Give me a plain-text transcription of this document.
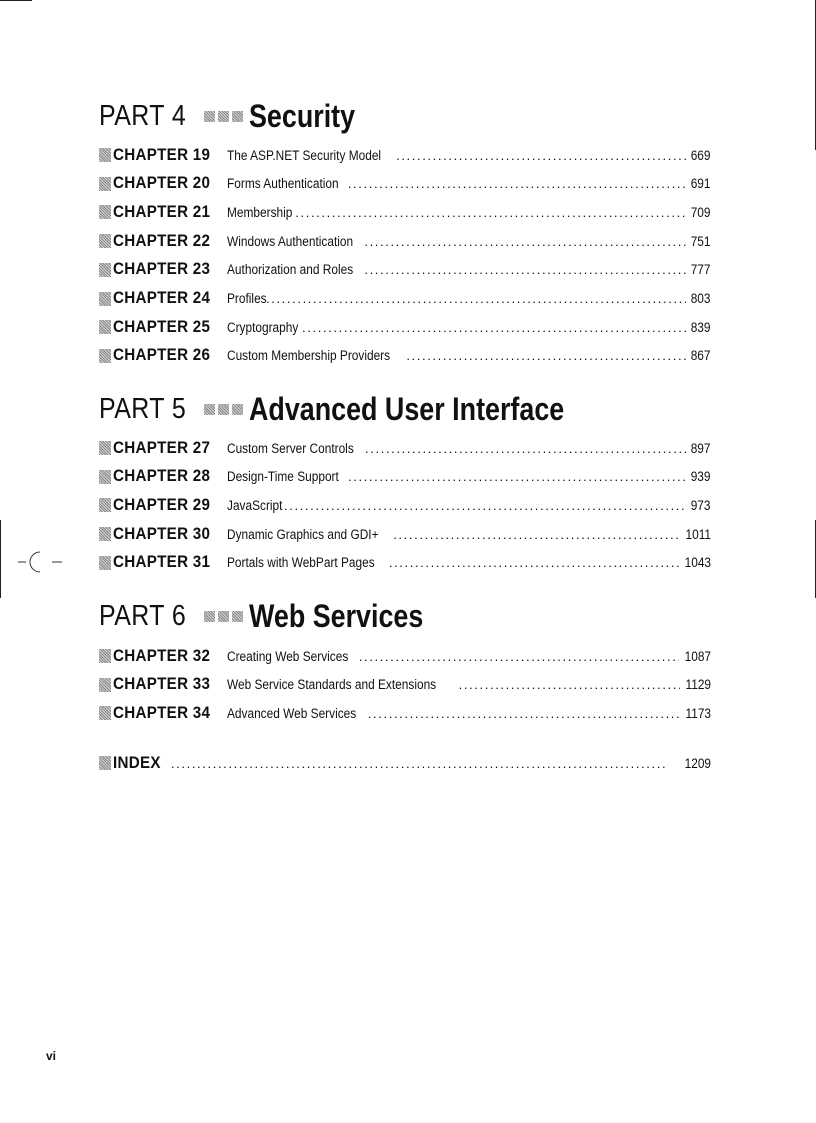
PART 4 Security
CHAPTER 19 The ASP.NET Security Model . . .	669
CHAPTER 20 Forms Authentication . . .	691
CHAPTER 21 Membership . . .	709
CHAPTER 22 Windows Authentication . . .	751
CHAPTER 23 Authorization and Roles . . .	777
CHAPTER 24 Profiles . . .	803
CHAPTER 25 Cryptography . . .	839
CHAPTER 26 Custom Membership Providers . . .	867
PART 5 Advanced User Interface
CHAPTER 27 Custom Server Controls . . .	897
CHAPTER 28 Design-Time Support . . .	939
CHAPTER 29 JavaScript . . .	973
CHAPTER 30 Dynamic Graphics and GDI+ . . .	1011
CHAPTER 31 Portals with WebPart Pages . . .	1043
PART 6 Web Services
CHAPTER 32 Creating Web Services . . .	1087
CHAPTER 33 Web Service Standards and Extensions . . .	1129
CHAPTER 34 Advanced Web Services . . .	1173
INDEX . . .	1209
vi
